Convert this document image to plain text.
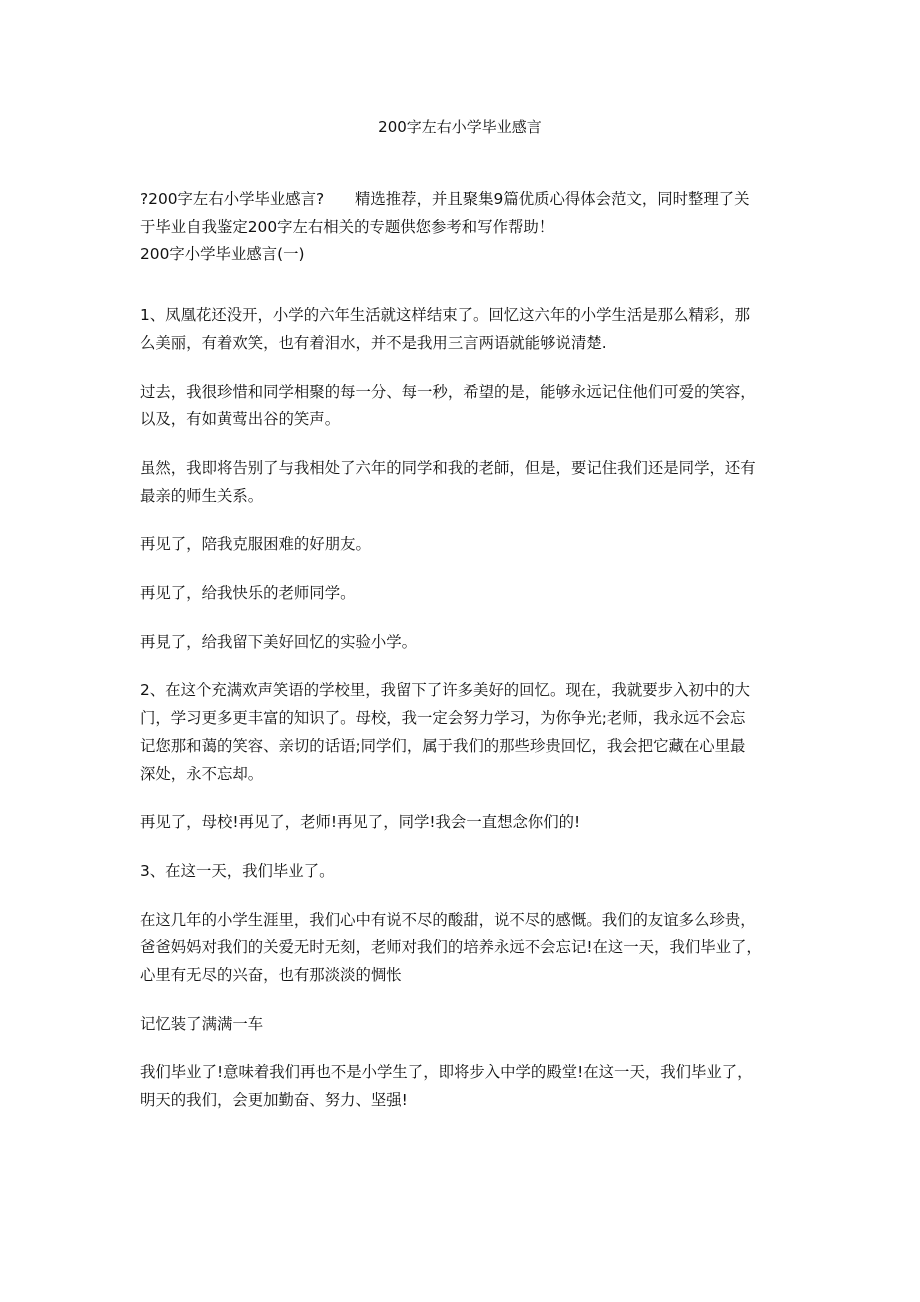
200字左右小学毕业感言
?200字左右小学毕业感言?　　精选推荐，并且聚集9篇优质心得体会范文，同时整理了关
于毕业自我鉴定200字左右相关的专题供您参考和写作帮助！
200字小学毕业感言(一)
1、凤凰花还没开，小学的六年生活就这样结束了。回忆这六年的小学生活是那么精彩，那
么美丽，有着欢笑，也有着泪水，并不是我用三言两语就能够说清楚.
过去，我很珍惜和同学相聚的每一分、每一秒，希望的是，能够永远记住他们可爱的笑容，
以及，有如黄莺出谷的笑声。
虽然，我即将告别了与我相处了六年的同学和我的老師，但是，要记住我们还是同学，还有
最亲的师生关系。
再见了，陪我克服困难的好朋友。
再见了，给我快乐的老师同学。
再見了，给我留下美好回忆的实验小学。
2、在这个充满欢声笑语的学校里，我留下了许多美好的回忆。现在，我就要步入初中的大
门，学习更多更丰富的知识了。母校，我一定会努力学习，为你争光;老师，我永远不会忘
记您那和蔼的笑容、亲切的话语;同学们，属于我们的那些珍贵回忆，我会把它藏在心里最
深处，永不忘却。
再见了，母校!再见了，老师!再见了，同学!我会一直想念你们的!
3、在这一天，我们毕业了。
在这几年的小学生涯里，我们心中有说不尽的酸甜，说不尽的感慨。我们的友谊多么珍贵，
爸爸妈妈对我们的关爱无时无刻，老师对我们的培养永远不会忘记!在这一天，我们毕业了，
心里有无尽的兴奋，也有那淡淡的惆怅
记忆装了满满一车
我们毕业了!意味着我们再也不是小学生了，即将步入中学的殿堂!在这一天，我们毕业了，
明天的我们，会更加勤奋、努力、坚强!
